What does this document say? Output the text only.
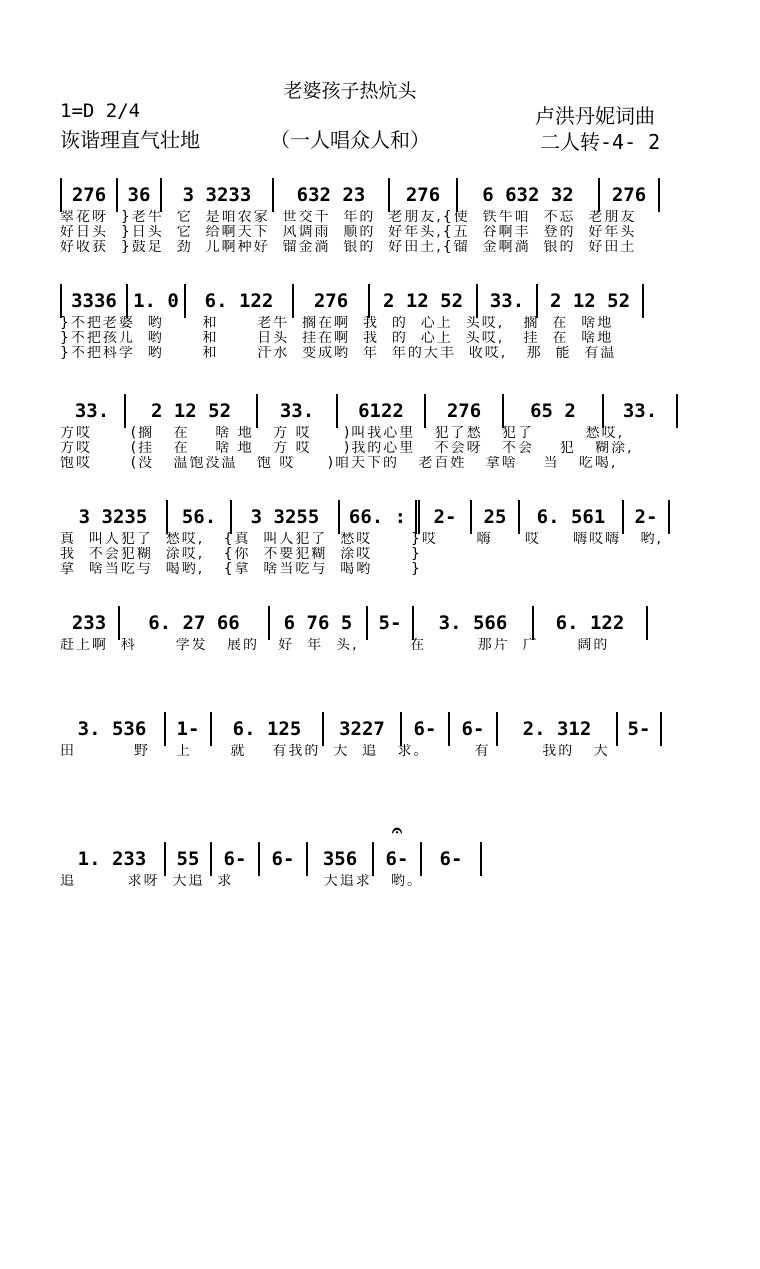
老婆孩子热炕头
1=D 2/4
诙谐理直气壮地	（一人唱众人和）
卢洪丹妮词曲
二人转-4- 2
276	36	3 3233	632 23	276	6 632 32	276
翠花呀  }老牛  它  是咱农家  世交千  年的  老朋友,{使  铁牛咱  不忘  老朋友
好日头  }日头  它  给啊天下  风调雨  顺的  好年头,{五  谷啊丰  登的  好年头
好收获  }鼓足  劲  儿啊种好  镏金淌  银的  好田土,{镏  金啊淌  银的  好田土
3336 1. 0	6. 122	276	2 12 52	33.	2 12 52
}不把老婆  哟      和      老牛  搁在啊  我  的  心上  头哎,   搁  在  啥地
}不把孩儿  哟      和      日头  挂在啊  我  的  心上  头哎,   挂  在  啥地
}不把科学  哟      和      汗水  变成哟  年  年的大丰  收哎,   那  能  有温
33.	2 12 52	33.	6122	276	65 2	33.
方哎      (搁   在    啥 地   方 哎     )叫我心里   犯了愁   犯了        愁哎,
方哎      (挂   在    啥 地   方 哎     )我的心里   不会呀   不会    犯   糊涂,
饱哎      (没   温饱没温   饱 哎     )咱天下的   老百姓   拿啥    当   吃喝,
3 3235	56.	3 3255	66. :	2-	25	6. 561	2-
真  叫人犯了  愁哎,   {真  叫人犯了  愁哎      }哎      嗨     哎     嗨哎嗨   哟,
我  不会犯糊  涂哎,   {你  不要犯糊  涂哎      }
拿  啥当吃与  喝哟,   {拿  啥当吃与  喝哟      }
233	6. 27 66	6 76 5	5-	3. 566	6. 122
赶上啊  科      学发   展的   好  年  头,        在        那片  广      阔的
3. 536	1-	6. 125	3227	6-	6-	2. 312	5-
田         野    上      就    有我的  大  追   求。       有        我的   大
1. 233	55	6-	6-	356	6-
𝄐
6-
追        求呀  大追  求              大追求   哟。
